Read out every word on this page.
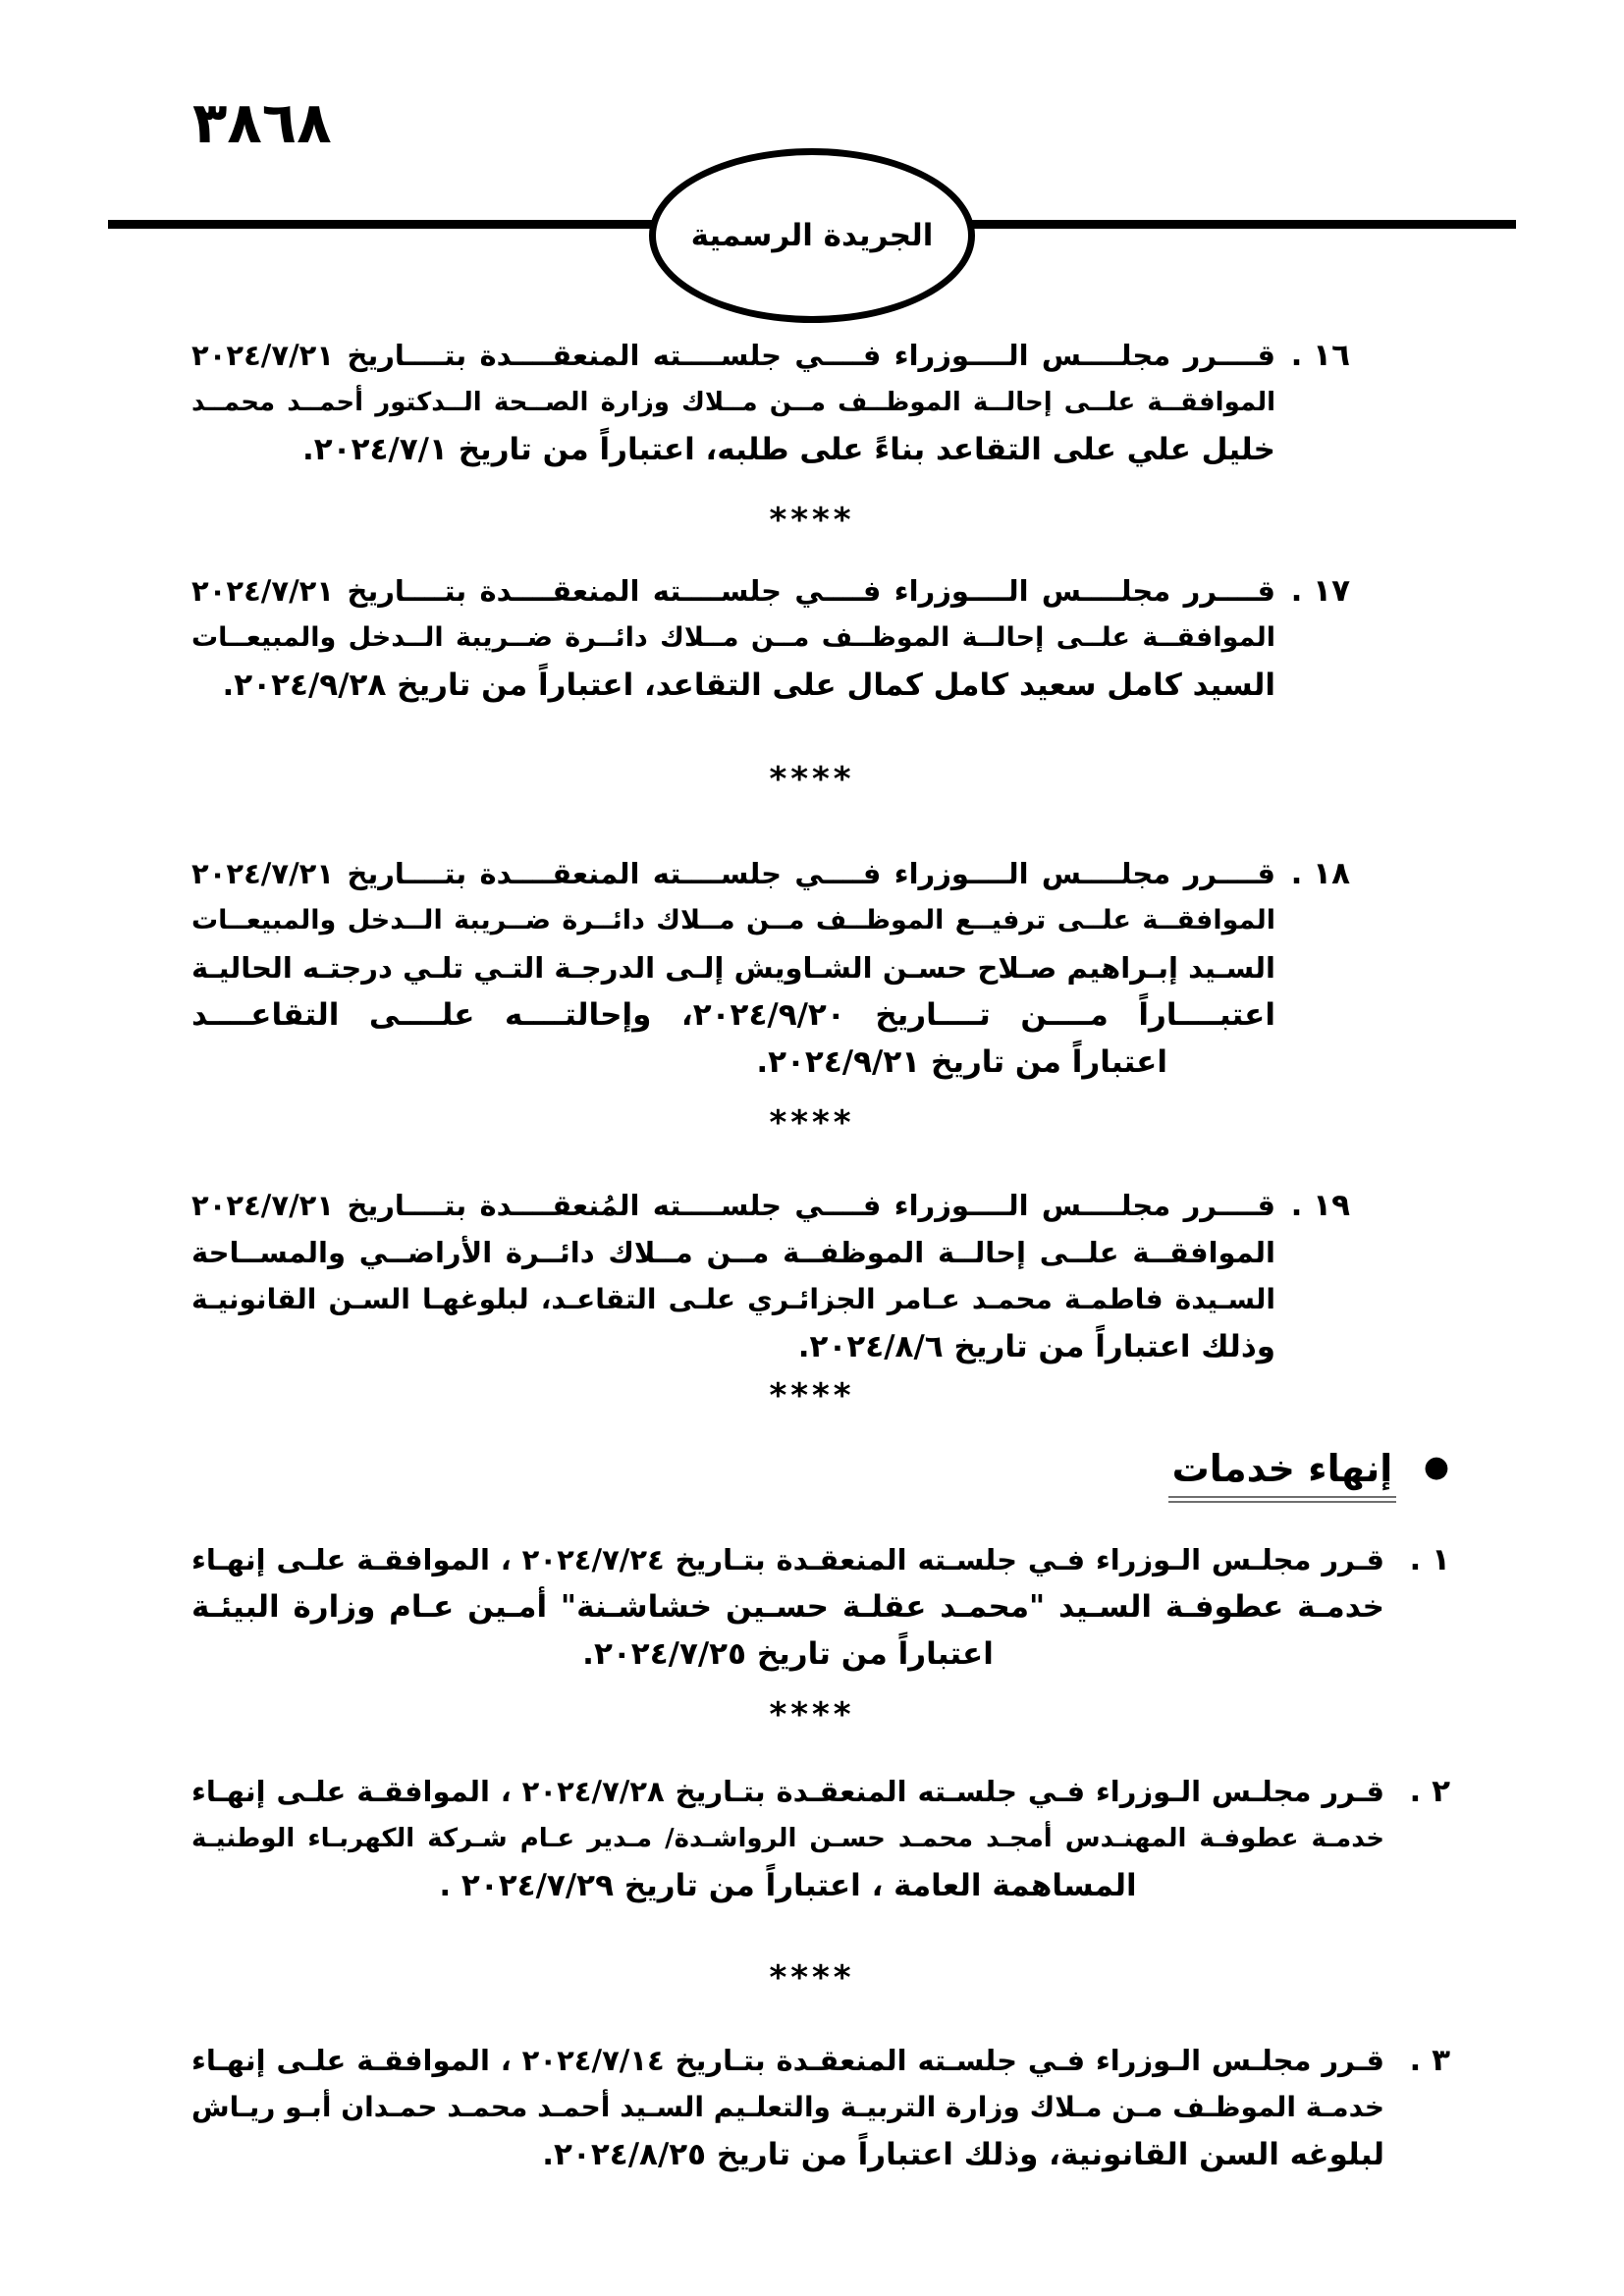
٣٨٦٨
الجريدة الرسمية
١٦ .
قــــرر مجلــــس الــــوزراء فــــي جلســــته المنعقــــدة بتــــاريخ ٢٠٢٤/٧/٢١
الموافقــة علــى إحالــة الموظــف مــن مــلاك وزارة الصــحة الــدكتور أحمــد محمــد
خليل علي على التقاعد بناءً على طلبه، اعتباراً من تاريخ ٢٠٢٤/٧/١.
****
١٧ .
قــــرر مجلــــس الــــوزراء فــــي جلســــته المنعقــــدة بتــــاريخ ٢٠٢٤/٧/٢١
الموافقــة علــى إحالــة الموظــف مــن مــلاك دائــرة ضــريبة الــدخل والمبيعــات
السيد كامل سعيد كامل كمال على التقاعد، اعتباراً من تاريخ ٢٠٢٤/٩/٢٨.
****
١٨ .
قــــرر مجلــــس الــــوزراء فــــي جلســــته المنعقــــدة بتــــاريخ ٢٠٢٤/٧/٢١
الموافقــة علــى ترفيــع الموظــف مــن مــلاك دائــرة ضــريبة الــدخل والمبيعــات
السـيد إبـراهيم صـلاح حسـن الشـاويش إلـى الدرجـة التـي تلـي درجتـه الحاليـة
اعتبــــاراً مــــن تــــاريخ ٢٠٢٤/٩/٢٠، وإحالتــــه علــــى التقاعــــد
اعتباراً من تاريخ ٢٠٢٤/٩/٢١.
****
١٩ .
قــــرر مجلــــس الــــوزراء فــــي جلســــته المُنعقــــدة بتــــاريخ ٢٠٢٤/٧/٢١
الموافقــة علــى إحالــة الموظفــة مــن مــلاك دائــرة الأراضــي والمســاحة
السـيدة فاطمـة محمـد عـامر الجزائـري علـى التقاعـد، لبلوغهـا السـن القانونيـة
وذلك اعتباراً من تاريخ ٢٠٢٤/٨/٦.
****
● إنهاء خدمات
١ .
قـرر مجلـس الـوزراء فـي جلسـته المنعقـدة بتـاريخ ٢٠٢٤/٧/٢٤ ، الموافقـة علـى إنهـاء
خدمـة عطوفـة السـيد "محمـد عقلـة حسـين خشاشـنة" أمـين عـام وزارة البيئـة
اعتباراً من تاريخ ٢٠٢٤/٧/٢٥.
****
٢ .
قـرر مجلـس الـوزراء فـي جلسـته المنعقـدة بتـاريخ ٢٠٢٤/٧/٢٨ ، الموافقـة علـى إنهـاء
خدمـة عطوفـة المهنـدس أمجـد محمـد حسـن الرواشـدة/ مـدير عـام شـركة الكهربـاء الوطنيـة
المساهمة العامة ، اعتباراً من تاريخ ٢٠٢٤/٧/٢٩ .
****
٣ .
قـرر مجلـس الـوزراء فـي جلسـته المنعقـدة بتـاريخ ٢٠٢٤/٧/١٤ ، الموافقـة علـى إنهـاء
خدمـة الموظـف مـن مـلاك وزارة التربيـة والتعلـيم السـيد أحمـد محمـد حمـدان أبـو ريـاش
لبلوغه السن القانونية، وذلك اعتباراً من تاريخ ٢٠٢٤/٨/٢٥.
